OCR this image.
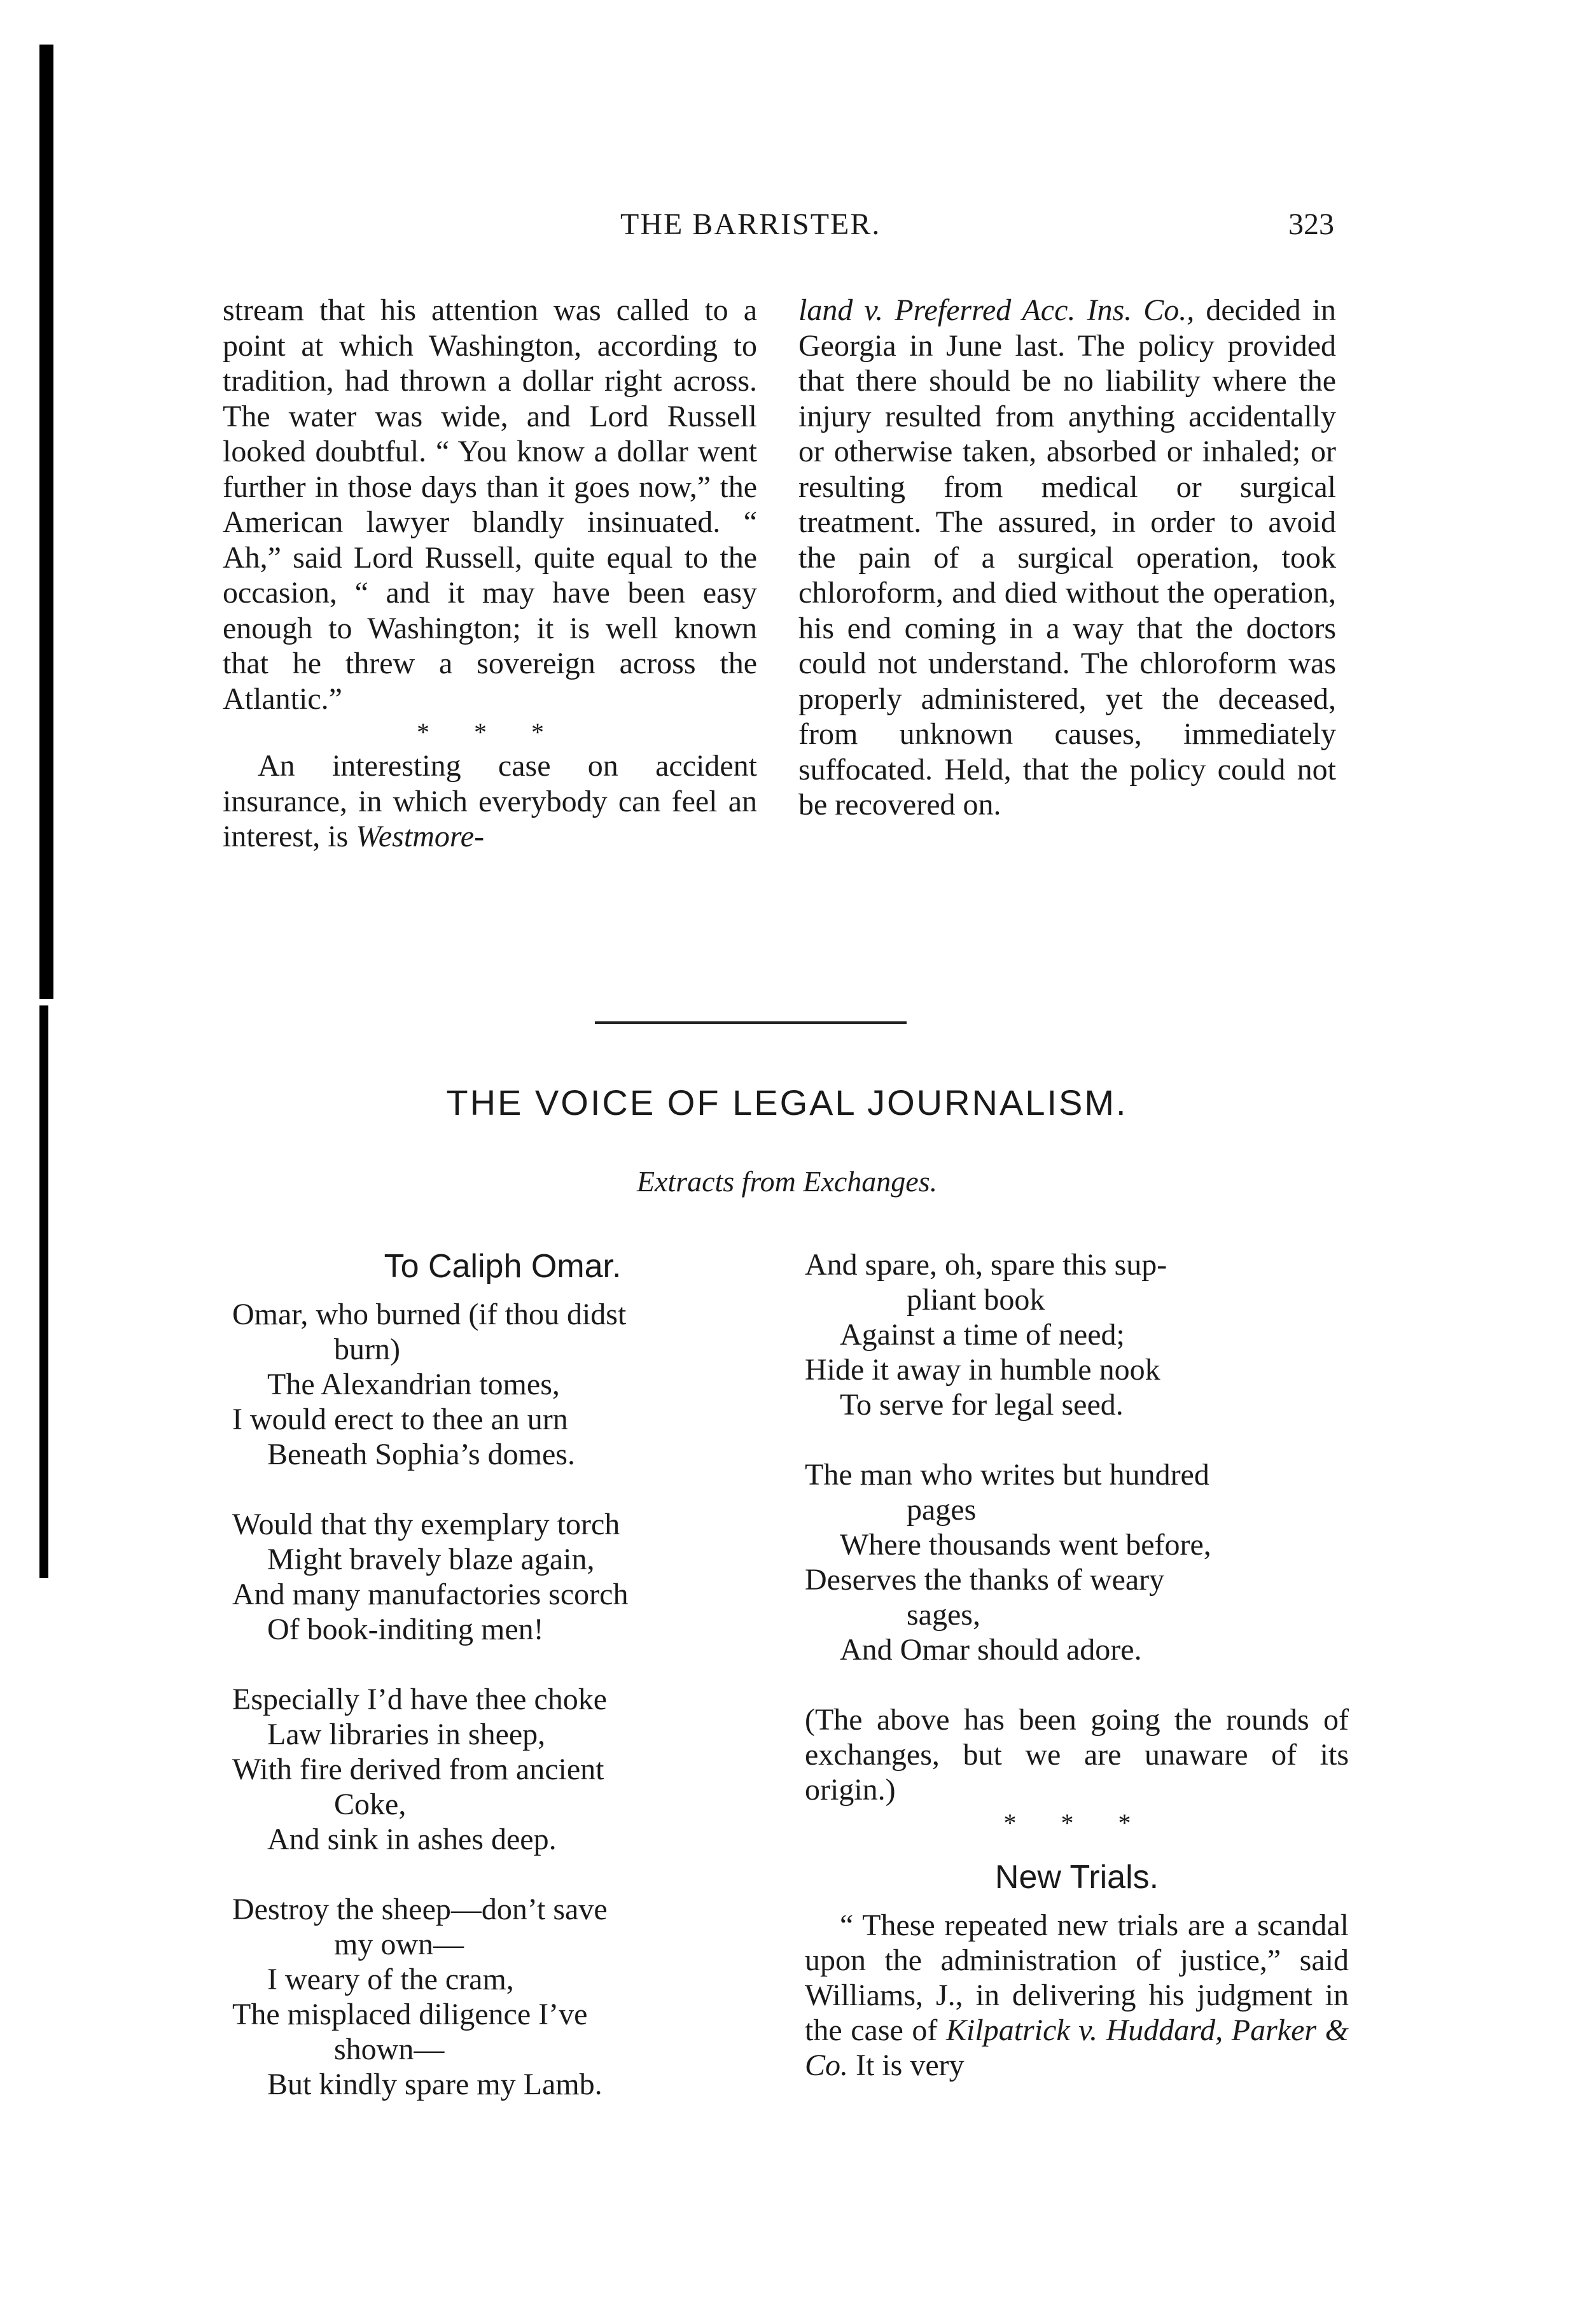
THE BARRISTER.	323

stream that his attention was called to a point at which Washington, according to tradition, had thrown a dollar right across. The water was wide, and Lord Russell looked doubtful. “ You know a dollar went further in those days than it goes now,” the American lawyer blandly insinuated. “ Ah,” said Lord Russell, quite equal to the occasion, “ and it may have been easy enough to Washington; it is well known that he threw a sovereign across the Atlantic.”

* * *

An interesting case on accident insurance, in which everybody can feel an interest, is Westmore-

land v. Preferred Acc. Ins. Co., decided in Georgia in June last. The policy provided that there should be no liability where the injury resulted from anything accidentally or otherwise taken, absorbed or inhaled; or resulting from medical or surgical treatment. The assured, in order to avoid the pain of a surgical operation, took chloroform, and died without the operation, his end coming in a way that the doctors could not understand. The chloroform was properly administered, yet the deceased, from unknown causes, immediately suffocated. Held, that the policy could not be recovered on.

THE VOICE OF LEGAL JOURNALISM.
Extracts from Exchanges.

To Caliph Omar.

Omar, who burned (if thou didst
burn)
The Alexandrian tomes,
I would erect to thee an urn
Beneath Sophia’s domes.
Would that thy exemplary torch
Might bravely blaze again,
And many manufactories scorch
Of book-inditing men!
Especially I’d have thee choke
Law libraries in sheep,
With fire derived from ancient
Coke,
And sink in ashes deep.
Destroy the sheep—don’t save
my own—
I weary of the cram,
The misplaced diligence I’ve
shown—
But kindly spare my Lamb.
And spare, oh, spare this sup-
pliant book
Against a time of need;
Hide it away in humble nook
To serve for legal seed.
The man who writes but hundred
pages
Where thousands went before,
Deserves the thanks of weary
sages,
And Omar should adore.

(The above has been going the rounds of exchanges, but we are unaware of its origin.)

* * *

New Trials.

“ These repeated new trials are a scandal upon the administration of justice,” said Williams, J., in delivering his judgment in the case of Kilpatrick v. Huddard, Parker & Co. It is very
